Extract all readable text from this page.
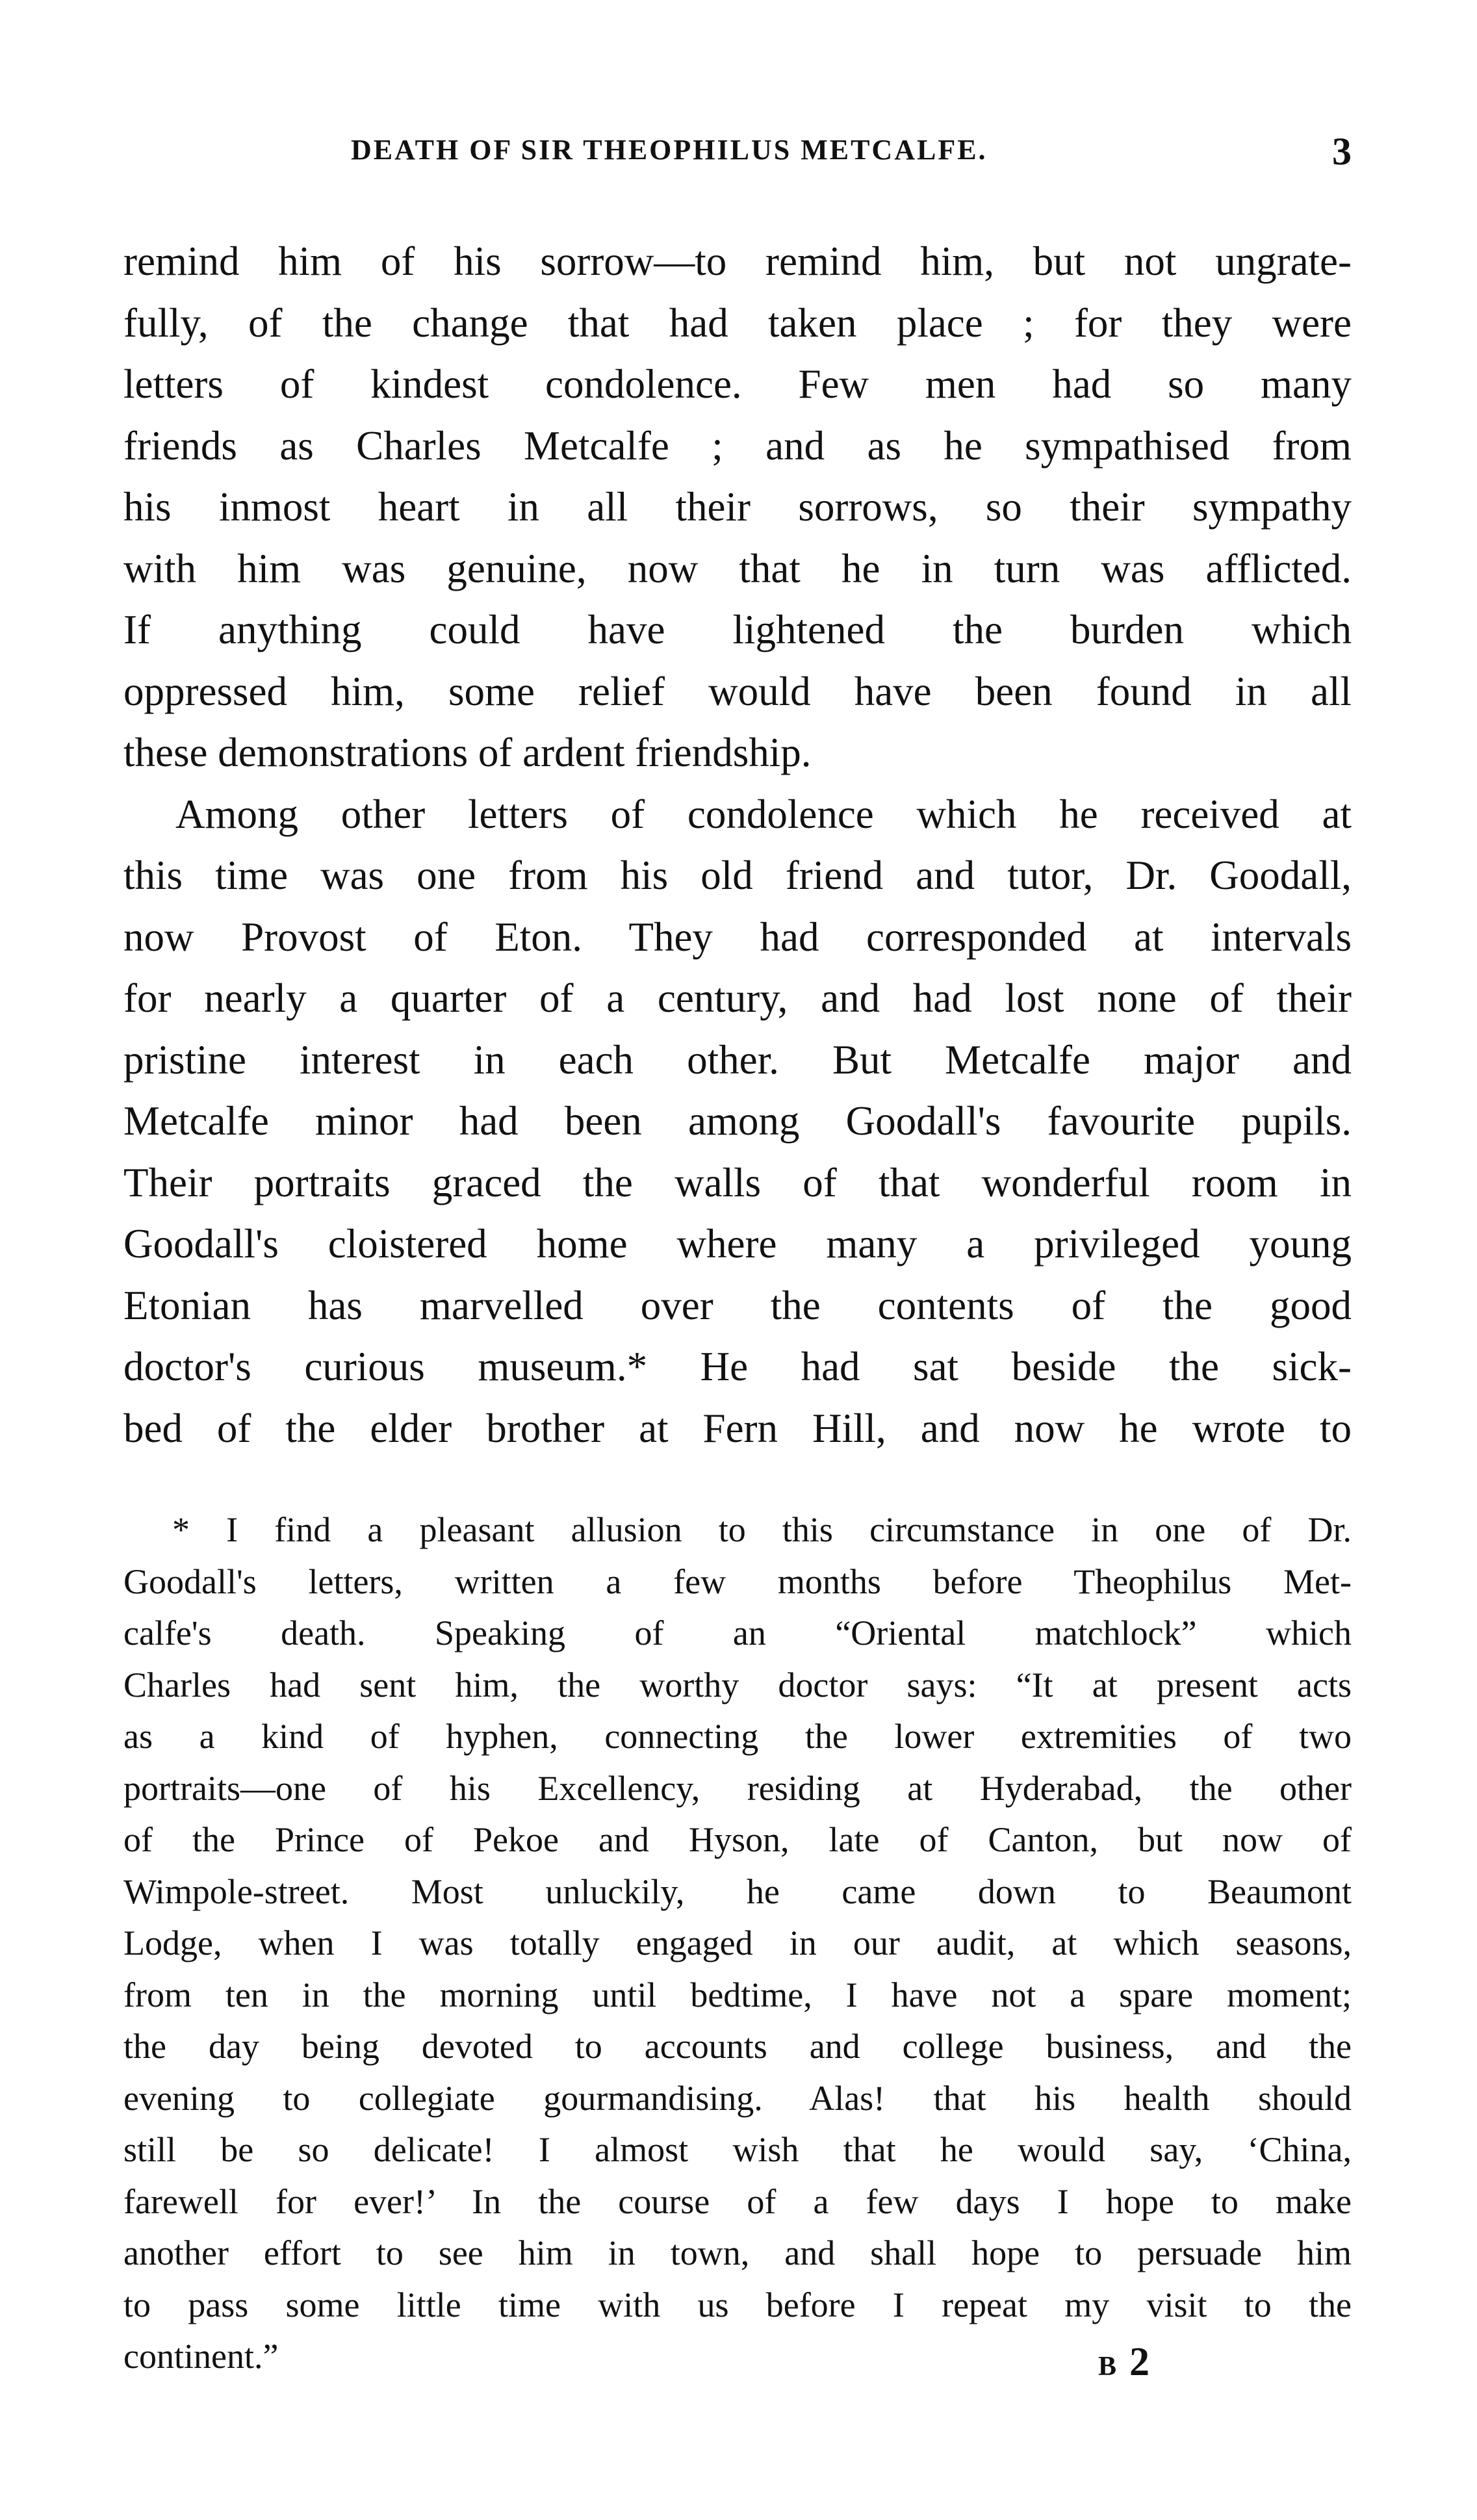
DEATH OF SIR THEOPHILUS METCALFE.	3
remind him of his sorrow—to remind him, but not ungrate-
fully, of the change that had taken place ; for they were
letters of kindest condolence. Few men had so many
friends as Charles Metcalfe ; and as he sympathised from
his inmost heart in all their sorrows, so their sympathy
with him was genuine, now that he in turn was afflicted.
If anything could have lightened the burden which
oppressed him, some relief would have been found in all
these demonstrations of ardent friendship.
Among other letters of condolence which he received at
this time was one from his old friend and tutor, Dr. Goodall,
now Provost of Eton. They had corresponded at intervals
for nearly a quarter of a century, and had lost none of their
pristine interest in each other. But Metcalfe major and
Metcalfe minor had been among Goodall's favourite pupils.
Their portraits graced the walls of that wonderful room in
Goodall's cloistered home where many a privileged young
Etonian has marvelled over the contents of the good
doctor's curious museum.* He had sat beside the sick-
bed of the elder brother at Fern Hill, and now he wrote to
* I find a pleasant allusion to this circumstance in one of Dr.
Goodall's letters, written a few months before Theophilus Met-
calfe's death. Speaking of an “Oriental matchlock” which
Charles had sent him, the worthy doctor says: “It at present acts
as a kind of hyphen, connecting the lower extremities of two
portraits—one of his Excellency, residing at Hyderabad, the other
of the Prince of Pekoe and Hyson, late of Canton, but now of
Wimpole-street. Most unluckily, he came down to Beaumont
Lodge, when I was totally engaged in our audit, at which seasons,
from ten in the morning until bedtime, I have not a spare moment;
the day being devoted to accounts and college business, and the
evening to collegiate gourmandising. Alas! that his health should
still be so delicate! I almost wish that he would say, ‘China,
farewell for ever!’ In the course of a few days I hope to make
another effort to see him in town, and shall hope to persuade him
to pass some little time with us before I repeat my visit to the
continent.”	B 2
